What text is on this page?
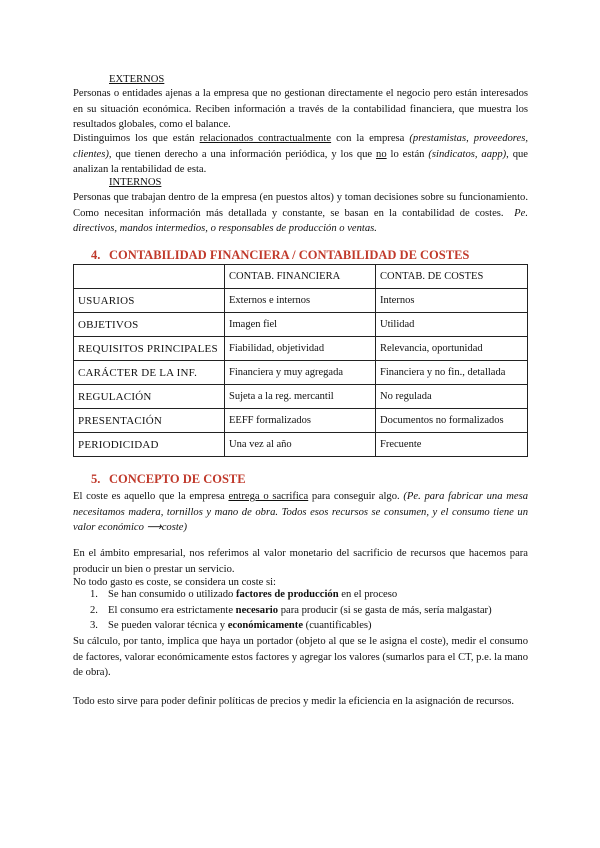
EXTERNOS
Personas o entidades ajenas a la empresa que no gestionan directamente el negocio pero están interesados en su situación económica. Reciben información a través de la contabilidad financiera, que muestra los resultados globales, como el balance.
Distinguimos los que están relacionados contractualmente con la empresa (prestamistas, proveedores, clientes), que tienen derecho a una información periódica, y los que no lo están (sindicatos, aapp), que analizan la rentabilidad de esta.
INTERNOS
Personas que trabajan dentro de la empresa (en puestos altos) y toman decisiones sobre su funcionamiento. Como necesitan información más detallada y constante, se basan en la contabilidad de costes. Pe. directivos, mandos intermedios, o responsables de producción o ventas.
4. CONTABILIDAD FINANCIERA / CONTABILIDAD DE COSTES
	CONTAB. FINANCIERA	CONTAB. DE COSTES
USUARIOS	Externos e internos	Internos
OBJETIVOS	Imagen fiel	Utilidad
REQUISITOS PRINCIPALES	Fiabilidad, objetividad	Relevancia, oportunidad
CARÁCTER DE LA INF.	Financiera y muy agregada	Financiera y no fin., detallada
REGULACIÓN	Sujeta a la reg. mercantil	No regulada
PRESENTACIÓN	EEFF formalizados	Documentos no formalizados
PERIODICIDAD	Una vez al año	Frecuente
5. CONCEPTO DE COSTE
El coste es aquello que la empresa entrega o sacrifica para conseguir algo. (Pe. para fabricar una mesa necesitamos madera, tornillos y mano de obra. Todos esos recursos se consumen, y el consumo tiene un valor económico ⟶coste)
En el ámbito empresarial, nos referimos al valor monetario del sacrificio de recursos que hacemos para producir un bien o prestar un servicio.
No todo gasto es coste, se considera un coste si:
1. Se han consumido o utilizado factores de producción en el proceso
2. El consumo era estrictamente necesario para producir (si se gasta de más, sería malgastar)
3. Se pueden valorar técnica y económicamente (cuantificables)
Su cálculo, por tanto, implica que haya un portador (objeto al que se le asigna el coste), medir el consumo de factores, valorar económicamente estos factores y agregar los valores (sumarlos para el CT, p.e. la mano de obra).
Todo esto sirve para poder definir políticas de precios y medir la eficiencia en la asignación de recursos.
